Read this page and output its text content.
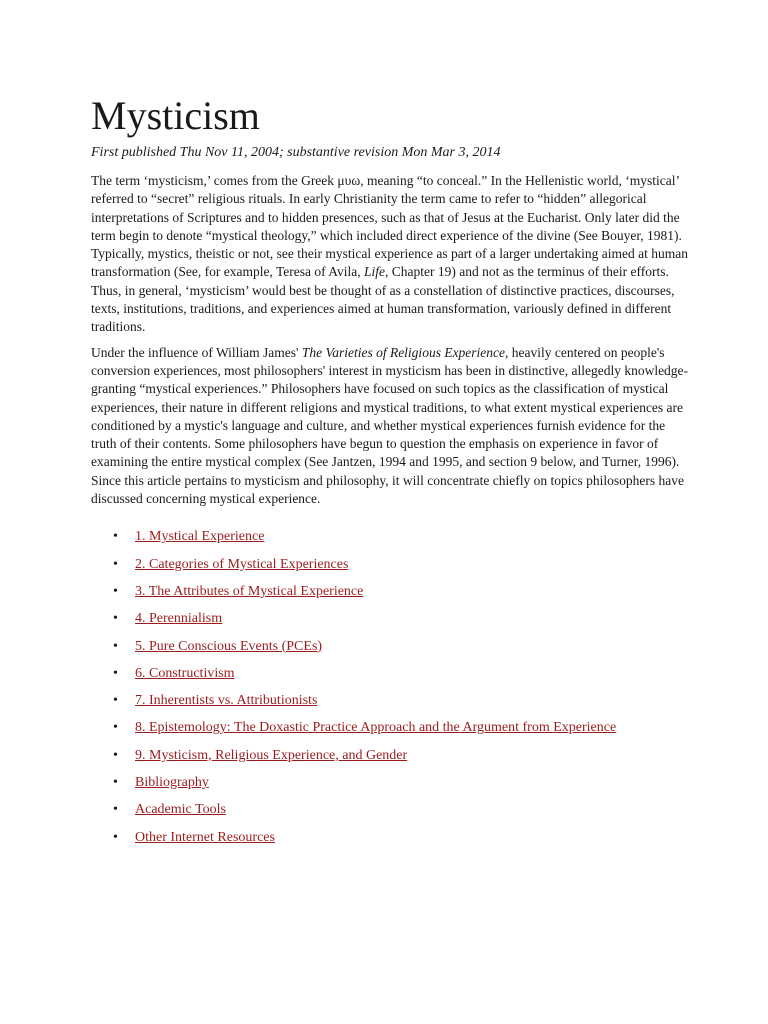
Mysticism
First published Thu Nov 11, 2004; substantive revision Mon Mar 3, 2014

The term ‘mysticism,’ comes from the Greek μυω, meaning “to conceal.” In the Hellenistic world, ‘mystical’ referred to “secret” religious rituals. In early Christianity the term came to refer to “hidden” allegorical interpretations of Scriptures and to hidden presences, such as that of Jesus at the Eucharist. Only later did the term begin to denote “mystical theology,” which included direct experience of the divine (See Bouyer, 1981). Typically, mystics, theistic or not, see their mystical experience as part of a larger undertaking aimed at human transformation (See, for example, Teresa of Avila, Life, Chapter 19) and not as the terminus of their efforts. Thus, in general, ‘mysticism’ would best be thought of as a constellation of distinctive practices, discourses, texts, institutions, traditions, and experiences aimed at human transformation, variously defined in different traditions.

Under the influence of William James' The Varieties of Religious Experience, heavily centered on people's conversion experiences, most philosophers' interest in mysticism has been in distinctive, allegedly knowledge-granting “mystical experiences.” Philosophers have focused on such topics as the classification of mystical experiences, their nature in different religions and mystical traditions, to what extent mystical experiences are conditioned by a mystic's language and culture, and whether mystical experiences furnish evidence for the truth of their contents. Some philosophers have begun to question the emphasis on experience in favor of examining the entire mystical complex (See Jantzen, 1994 and 1995, and section 9 below, and Turner, 1996). Since this article pertains to mysticism and philosophy, it will concentrate chiefly on topics philosophers have discussed concerning mystical experience.

• 1. Mystical Experience
• 2. Categories of Mystical Experiences
• 3. The Attributes of Mystical Experience
• 4. Perennialism
• 5. Pure Conscious Events (PCEs)
• 6. Constructivism
• 7. Inherentists vs. Attributionists
• 8. Epistemology: The Doxastic Practice Approach and the Argument from Experience
• 9. Mysticism, Religious Experience, and Gender
• Bibliography
• Academic Tools
• Other Internet Resources
